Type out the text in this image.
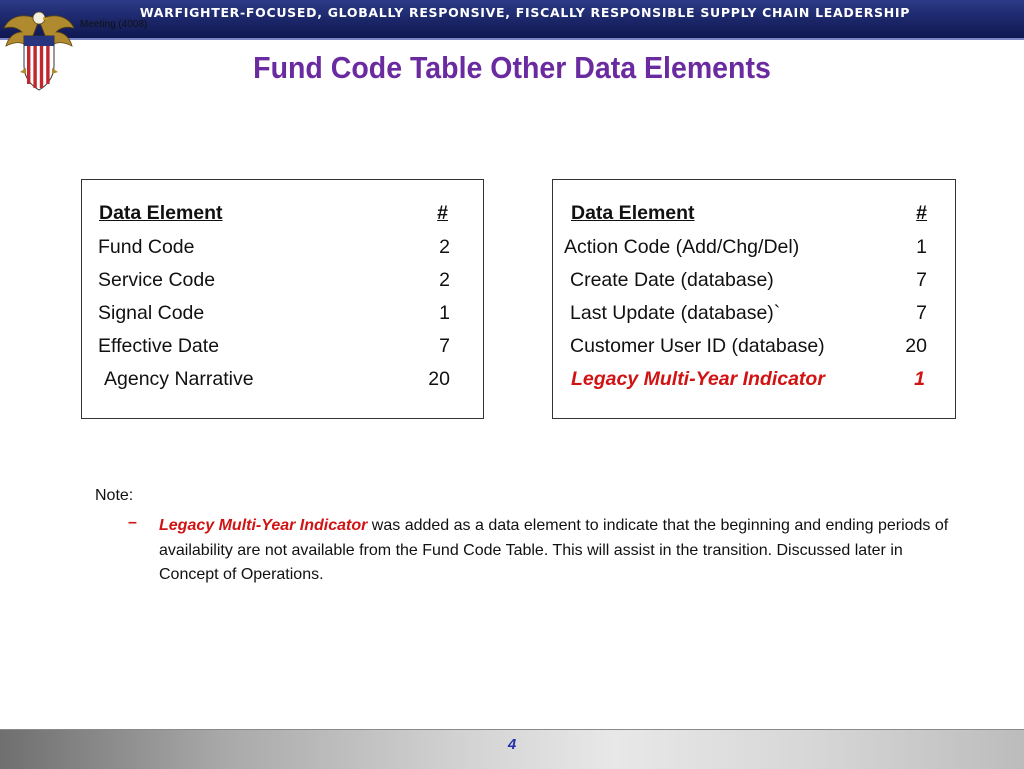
WARFIGHTER-FOCUSED, GLOBALLY RESPONSIVE, FISCALLY RESPONSIBLE SUPPLY CHAIN LEADERSHIP
Meeting (4008)
Fund Code Table Other Data Elements
Data Element	#
Fund Code	2
Service Code	2
Signal Code	1
Effective Date	7
Agency Narrative	20
Data Element	#
Action Code (Add/Chg/Del)	1
Create Date (database)	7
Last Update (database)`	7
Customer User ID (database)	20
Legacy Multi-Year Indicator	1
Note:
– Legacy Multi-Year Indicator was added as a data element to indicate that the beginning and ending periods of availability are not available from the Fund Code Table. This will assist in the transition. Discussed later in Concept of Operations.
4
